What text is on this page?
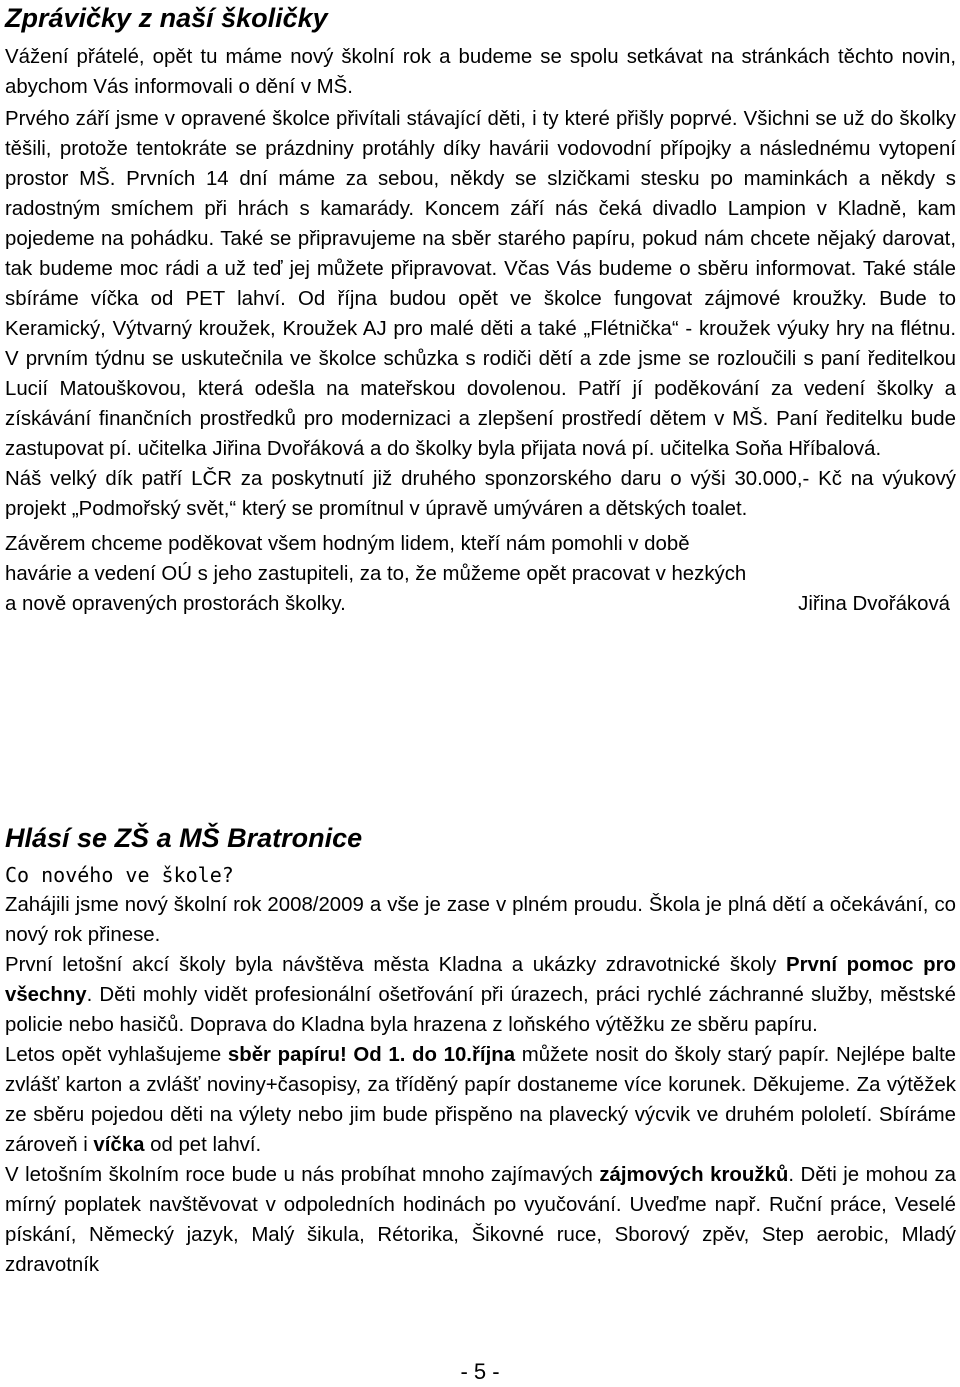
Zprávičky z naší školičky

Vážení přátelé, opět tu máme nový školní rok a budeme se spolu setkávat na stránkách těchto novin, abychom Vás informovali o dění v MŠ.

Prvého září jsme v opravené školce přivítali stávající děti, i ty které přišly poprvé. Všichni se už do školky těšili, protože tentokráte se prázdniny protáhly díky havárii vodovodní přípojky a následnému vytopení prostor MŠ. Prvních 14 dní máme za sebou, někdy se slzičkami stesku po maminkách a někdy s radostným smíchem při hrách s kamarády. Koncem září nás čeká divadlo Lampion v Kladně, kam pojedeme na pohádku. Také se připravujeme na sběr starého papíru, pokud nám chcete nějaký darovat, tak budeme moc rádi a už teď jej můžete připravovat. Včas Vás budeme o sběru informovat. Také stále sbíráme víčka od PET lahví. Od října budou opět ve školce fungovat zájmové kroužky. Bude to Keramický, Výtvarný kroužek, Kroužek AJ pro malé děti a také „Flétnička“ - kroužek výuky hry na flétnu. V prvním týdnu se uskutečnila ve školce schůzka s rodiči dětí a zde jsme se rozloučili s paní ředitelkou Lucií Matouškovou, která odešla na mateřskou dovolenou. Patří jí poděkování za vedení školky a získávání finančních prostředků pro modernizaci a zlepšení prostředí dětem v MŠ. Paní ředitelku bude zastupovat pí. učitelka Jiřina Dvořáková a do školky byla přijata nová pí. učitelka Soňa Hříbalová.

Náš velký dík patří LČR za poskytnutí již druhého sponzorského daru o výši 30.000,- Kč na výukový projekt „Podmořský svět,“ který se promítnul v úpravě umýváren a dětských toalet.

Závěrem chceme poděkovat všem hodným lidem, kteří nám pomohli v době
havárie a vedení OÚ s jeho zastupiteli, za to, že můžeme opět pracovat v hezkých
a nově opravených prostorách školky.	Jiřina Dvořáková
Hlásí se ZŠ a MŠ Bratronice
Co nového ve škole?

Zahájili jsme nový školní rok 2008/2009 a vše je zase v plném proudu. Škola je plná dětí a očekávání, co nový rok přinese.

První letošní akcí školy byla návštěva města Kladna a ukázky zdravotnické školy První pomoc pro všechny. Děti mohly vidět profesionální ošetřování při úrazech, práci rychlé záchranné služby, městské policie nebo hasičů. Doprava do Kladna byla hrazena z loňského výtěžku ze sběru papíru.

Letos opět vyhlašujeme sběr papíru! Od 1. do 10.října můžete nosit do školy starý papír. Nejlépe balte zvlášť karton a zvlášť noviny+časopisy, za tříděný papír dostaneme více korunek. Děkujeme. Za výtěžek ze sběru pojedou děti na výlety nebo jim bude přispěno na plavecký výcvik ve druhém pololetí. Sbíráme zároveň i víčka od pet lahví.

V letošním školním roce bude u nás probíhat mnoho zajímavých zájmových kroužků. Děti je mohou za mírný poplatek navštěvovat v odpoledních hodinách po vyučování. Uveďme např. Ruční práce, Veselé pískání, Německý jazyk, Malý šikula, Rétorika, Šikovné ruce, Sborový zpěv, Step aerobic, Mladý zdravotník

- 5 -
